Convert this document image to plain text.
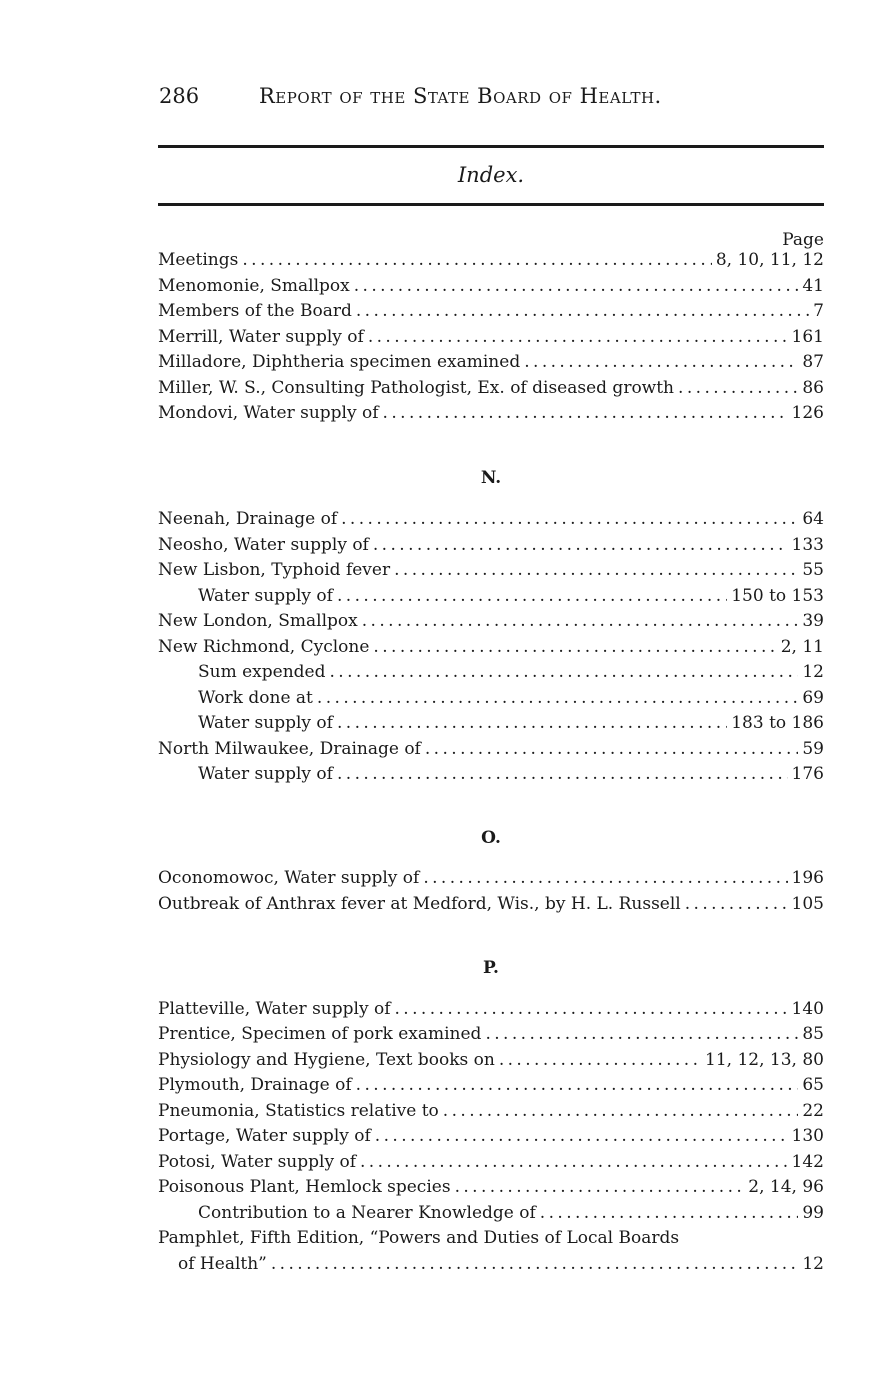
286	Report of the State Board of Health.
Index.
Page
Meetings . . .	8, 10, 11, 12
Menomonie, Smallpox . . .	41
Members of the Board . . .	7
Merrill, Water supply of . . .	161
Milladore, Diphtheria specimen examined . . .	87
Miller, W. S., Consulting Pathologist, Ex. of diseased growth . . .	86
Mondovi, Water supply of . . .	126
N.
Neenah, Drainage of . . .	64
Neosho, Water supply of . . .	133
New Lisbon, Typhoid fever . . .	55
Water supply of . . .	150 to 153
New London, Smallpox . . .	39
New Richmond, Cyclone . . .	2, 11
Sum expended . . .	12
Work done at . . .	69
Water supply of . . .	183 to 186
North Milwaukee, Drainage of . . .	59
Water supply of . . .	176
O.
Oconomowoc, Water supply of . . .	196
Outbreak of Anthrax fever at Medford, Wis., by H. L. Russell . . .	105
P.
Platteville, Water supply of . . .	140
Prentice, Specimen of pork examined . . .	85
Physiology and Hygiene, Text books on . . .	11, 12, 13, 80
Plymouth, Drainage of . . .	65
Pneumonia, Statistics relative to . . .	22
Portage, Water supply of . . .	130
Potosi, Water supply of . . .	142
Poisonous Plant, Hemlock species . . .	2, 14, 96
Contribution to a Nearer Knowledge of . . .	99
Pamphlet, Fifth Edition, “Powers and Duties of Local Boards
of Health” . . .	12
